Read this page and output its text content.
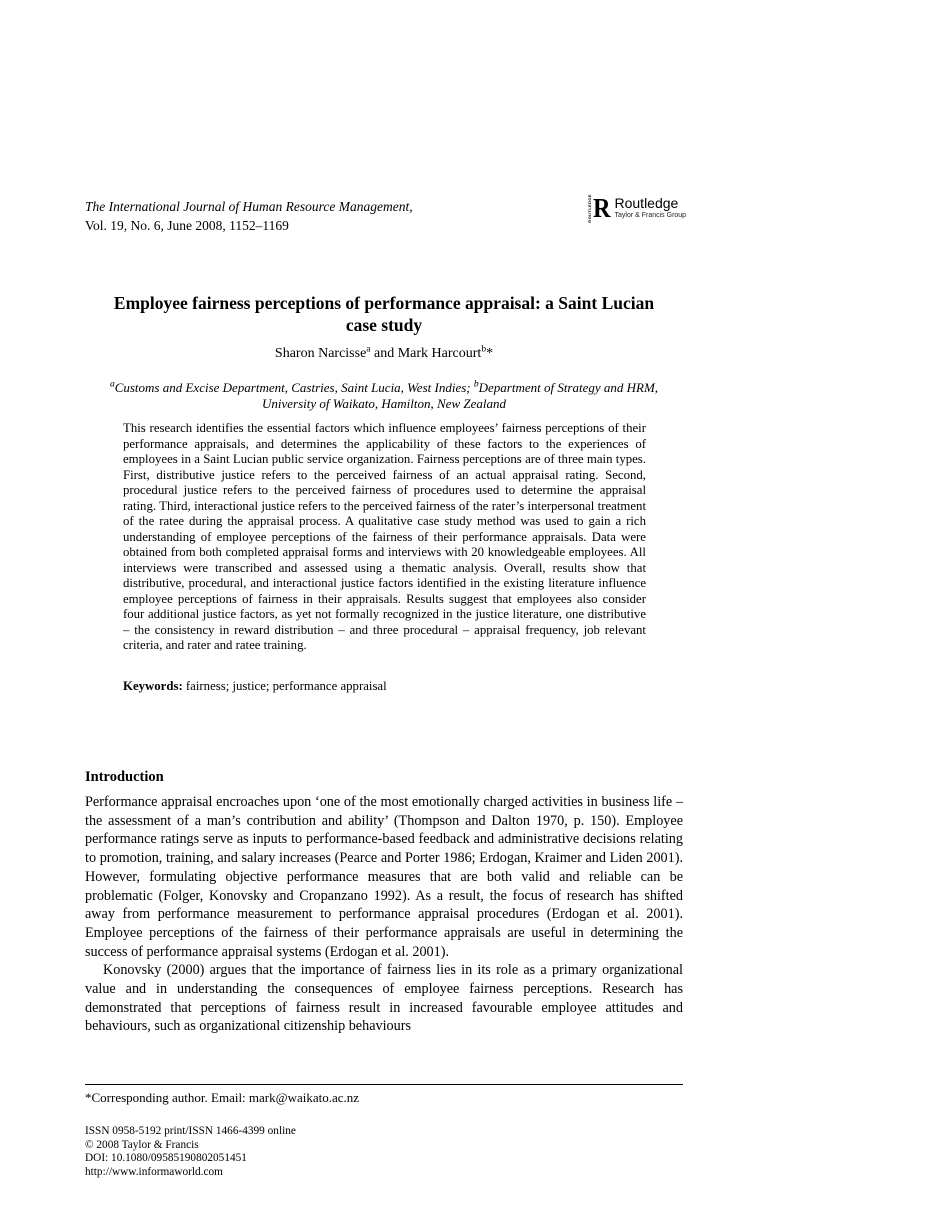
The International Journal of Human Resource Management,
Vol. 19, No. 6, June 2008, 1152–1169
ROUTLEDGE R Routledge
Taylor & Francis Group
Employee fairness perceptions of performance appraisal: a Saint Lucian
case study
Sharon Narcisse$^a$ and Mark Harcourt$^b$*
$^a$Customs and Excise Department, Castries, Saint Lucia, West Indies; $^b$Department of Strategy and HRM, University of Waikato, Hamilton, New Zealand
This research identifies the essential factors which influence employees’ fairness perceptions of their performance appraisals, and determines the applicability of these factors to the experiences of employees in a Saint Lucian public service organization. Fairness perceptions are of three main types. First, distributive justice refers to the perceived fairness of an actual appraisal rating. Second, procedural justice refers to the perceived fairness of procedures used to determine the appraisal rating. Third, interactional justice refers to the perceived fairness of the rater’s interpersonal treatment of the ratee during the appraisal process. A qualitative case study method was used to gain a rich understanding of employee perceptions of the fairness of their performance appraisals. Data were obtained from both completed appraisal forms and interviews with 20 knowledgeable employees. All interviews were transcribed and assessed using a thematic analysis. Overall, results show that distributive, procedural, and interactional justice factors identified in the existing literature influence employee perceptions of fairness in their appraisals. Results suggest that employees also consider four additional justice factors, as yet not formally recognized in the justice literature, one distributive – the consistency in reward distribution – and three procedural – appraisal frequency, job relevant criteria, and rater and ratee training.
Keywords: fairness; justice; performance appraisal
Introduction

Performance appraisal encroaches upon ‘one of the most emotionally charged activities in business life – the assessment of a man’s contribution and ability’ (Thompson and Dalton 1970, p. 150). Employee performance ratings serve as inputs to performance-based feedback and administrative decisions relating to promotion, training, and salary increases (Pearce and Porter 1986; Erdogan, Kraimer and Liden 2001). However, formulating objective performance measures that are both valid and reliable can be problematic (Folger, Konovsky and Cropanzano 1992). As a result, the focus of research has shifted away from performance measurement to performance appraisal procedures (Erdogan et al. 2001). Employee perceptions of the fairness of their performance appraisals are useful in determining the success of performance appraisal systems (Erdogan et al. 2001).

Konovsky (2000) argues that the importance of fairness lies in its role as a primary organizational value and in understanding the consequences of employee fairness perceptions. Research has demonstrated that perceptions of fairness result in increased favourable employee attitudes and behaviours, such as organizational citizenship behaviours

*Corresponding author. Email: mark@waikato.ac.nz
ISSN 0958-5192 print/ISSN 1466-4399 online
© 2008 Taylor & Francis
DOI: 10.1080/09585190802051451
http://www.informaworld.com
